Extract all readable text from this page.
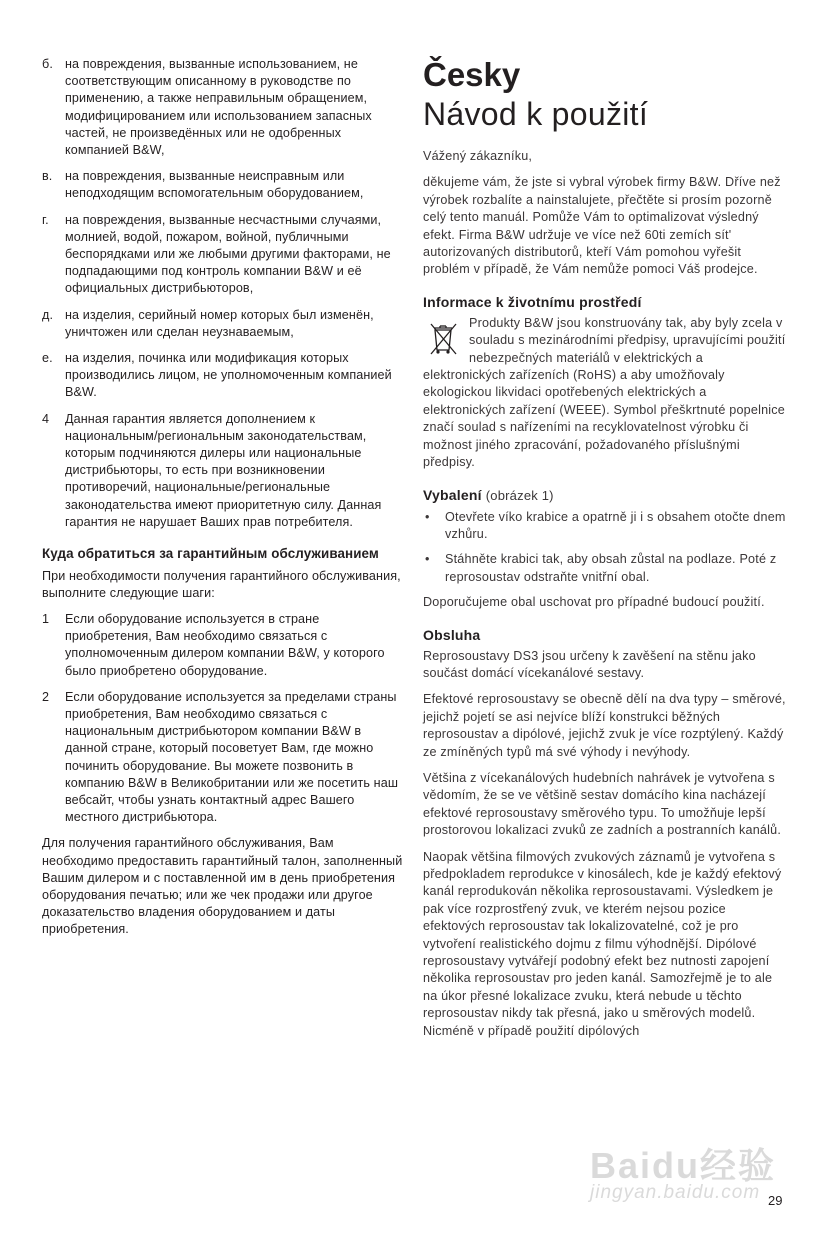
б. на повреждения, вызванные использованием, не соответствующим описанному в руководстве по применению, а также неправильным обращением, модифицированием или использованием запасных частей, не произведённых или не одобренных компанией B&W,
в.	на повреждения, вызванные неисправным или неподходящим вспомогательным оборудованием,
г.	на повреждения, вызванные несчастными случаями, молнией, водой, пожаром, войной, публичными беспорядками или же любыми другими факторами, не подпадающими под контроль компании B&W и её официальных дистрибьюторов,
д. на изделия, серийный номер которых был изменён, уничтожен или сделан неузнаваемым,
е. на изделия, починка или модификация которых производились лицом, не уполномоченным компанией B&W.
4	Данная гарантия является дополнением к национальным/региональным законодательствам, которым подчиняются дилеры или национальные дистрибьюторы, то есть при возникновении противоречий, национальные/региональные законодательства имеют приоритетную силу. Данная гарантия не нарушает Ваших прав потребителя.
Куда обратиться за гарантийным обслуживанием

При необходимости получения гарантийного обслуживания, выполните следующие шаги:

1	Если оборудование используется в стране приобретения, Вам необходимо связаться с уполномоченным дилером компании B&W, у которого было приобретено оборудование.
2	Если оборудование используется за пределами страны приобретения, Вам необходимо связаться с национальным дистрибьютором компании B&W в данной стране, который посоветует Вам, где можно починить оборудование. Вы можете позвонить в компанию B&W в Великобритании или же посетить наш вебсайт, чтобы узнать контактный адрес Вашего местного дистрибьютора.

Для получения гарантийного обслуживания, Вам необходимо предоставить гарантийный талон, заполненный Вашим дилером и с поставленной им в день приобретения оборудования печатью; или же чек продажи или другое доказательство владения оборудованием и даты приобретения.

Česky
Návod k použití

Vážený zákazníku,

děkujeme vám, že jste si vybral výrobek firmy B&W. Dříve než výrobek rozbalíte a nainstalujete, přečtěte si prosím pozorně celý tento manuál. Pomůže Vám to optimalizovat výsledný efekt. Firma B&W udržuje ve více než 60ti zemích sít' autorizovaných distributorů, kteří Vám pomohou vyřešit problém v případě, že Vám nemůže pomoci Váš prodejce.

Informace k životnímu prostředí

Produkty B&W jsou konstruovány tak, aby byly zcela v souladu s mezinárodními předpisy, upravujícími použití nebezpečných materiálů v elektrických a elektronických zařízeních (RoHS) a aby umožňovaly ekologickou likvidaci opotřebených elektrických a elektronických zařízení (WEEE). Symbol přeškrtnuté popelnice značí soulad s nařízeními na recyklovatelnost výrobku či možnost jiného zpracování, požadovaného příslušnými předpisy.

Vybalení (obrázek 1)
•	Otevřete víko krabice a opatrně ji i s obsahem otočte dnem vzhůru.
•	Stáhněte krabici tak, aby obsah zůstal na podlaze. Poté z reprosoustav odstraňte vnitřní obal.

Doporučujeme obal uschovat pro případné budoucí použití.

Obsluha

Reprosoustavy DS3 jsou určeny k zavěšení na stěnu jako součást domácí vícekanálové sestavy.

Efektové reprosoustavy se obecně dělí na dva typy – směrové, jejichž pojetí se asi nejvíce blíží konstrukci běžných reprosoustav a dipólové, jejichž zvuk je více rozptýlený. Každý ze zmíněných typů má své výhody i nevýhody.

Většina z vícekanálových hudebních nahrávek je vytvořena s vědomím, že se ve většině sestav domácího kina nacházejí efektové reprosoustavy směrového typu. To umožňuje lepší prostorovou lokalizaci zvuků ze zadních a postranních kanálů.

Naopak většina filmových zvukových záznamů je vytvořena s předpokladem reprodukce v kinosálech, kde je každý efektový kanál reprodukován několika reprosoustavami. Výsledkem je pak více rozprostřený zvuk, ve kterém nejsou pozice efektových reprosoustav tak lokalizovatelné, což je pro vytvoření realistického dojmu z filmu výhodnější. Dipólové reprosoustavy vytvářejí podobný efekt bez nutnosti zapojení několika reprosoustav pro jeden kanál. Samozřejmě je to ale na úkor přesné lokalizace zvuku, která nebude u těchto reprosoustav nikdy tak přesná, jako u směrových modelů. Nicméně v případě použití dipólových

Baidu经验
jingyan.baidu.com 29
